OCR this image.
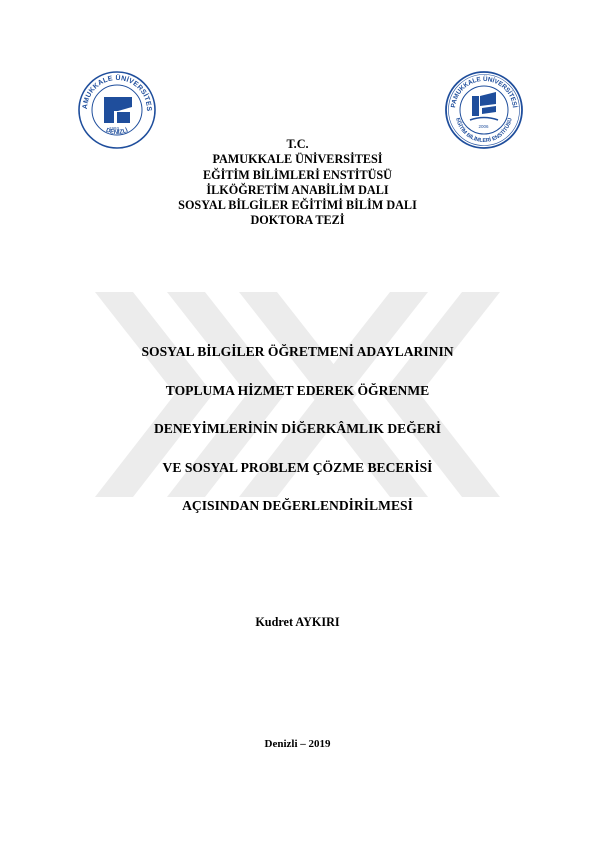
AMUKKALE ÜNİVERSİTES
DENİZLİ
1992
PAMUKKALE ÜNİVERSİTESİ
EĞİTİM BİLİMLERİ ENSTİTÜSÜ
2006
T.C.
PAMUKKALE ÜNİVERSİTESİ
EĞİTİM BİLİMLERİ ENSTİTÜSÜ
İLKÖĞRETİM ANABİLİM DALI
SOSYAL BİLGİLER EĞİTİMİ BİLİM DALI
DOKTORA TEZİ
SOSYAL BİLGİLER ÖĞRETMENİ ADAYLARININ
TOPLUMA HİZMET EDEREK ÖĞRENME
DENEYİMLERİNİN DİĞERKÂMLIK DEĞERİ
VE SOSYAL PROBLEM ÇÖZME BECERİSİ
AÇISINDAN DEĞERLENDİRİLMESİ
Kudret AYKIRI
Denizli – 2019
